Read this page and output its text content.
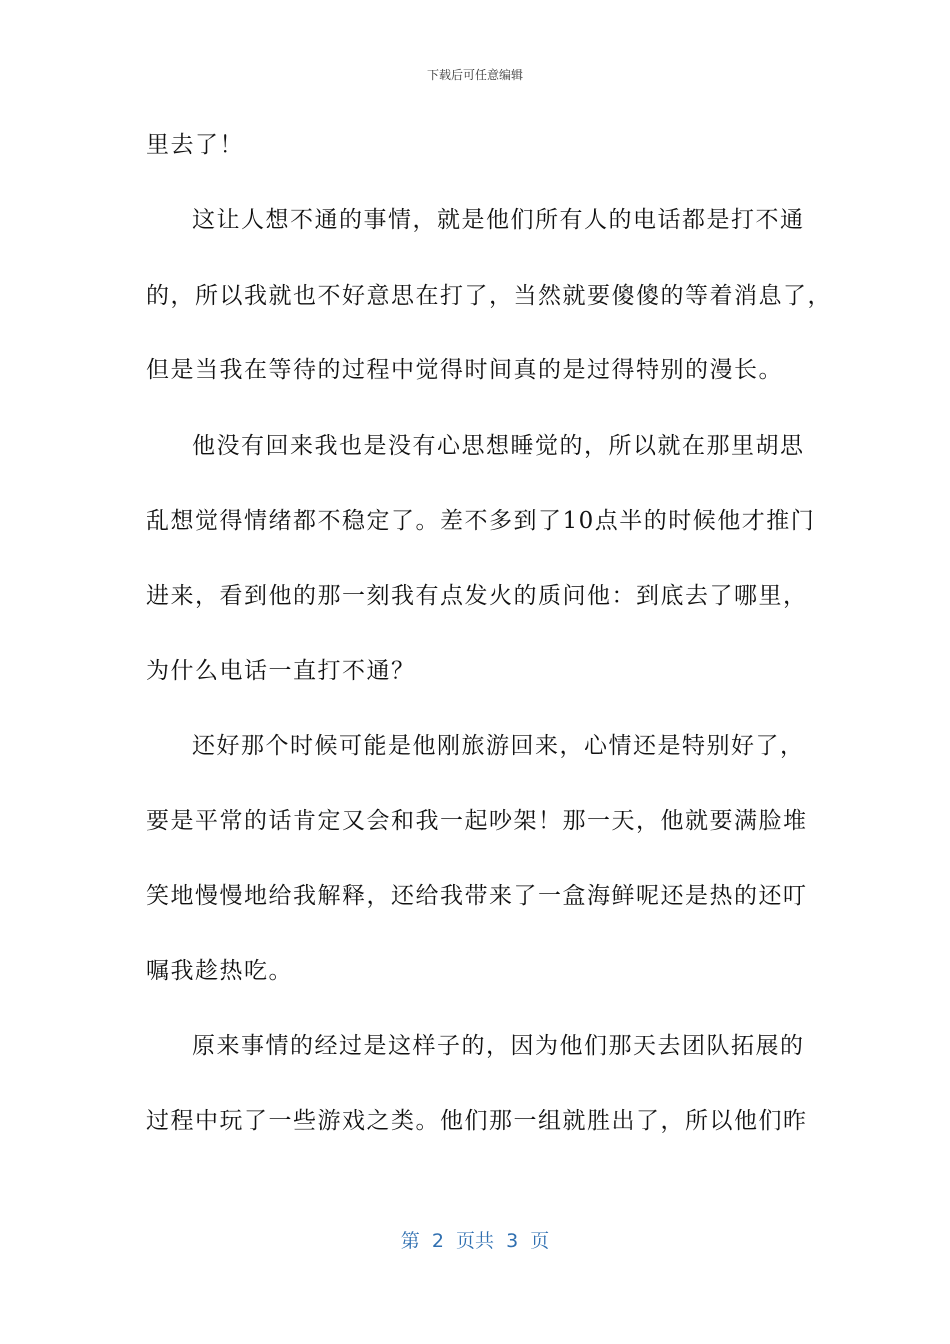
下载后可任意编辑
里去了！
这让人想不通的事情，就是他们所有人的电话都是打不通
的，所以我就也不好意思在打了，当然就要傻傻的等着消息了，
但是当我在等待的过程中觉得时间真的是过得特别的漫长。
他没有回来我也是没有心思想睡觉的，所以就在那里胡思
乱想觉得情绪都不稳定了。差不多到了10点半的时候他才推门
进来，看到他的那一刻我有点发火的质问他：到底去了哪里，
为什么电话一直打不通？
还好那个时候可能是他刚旅游回来，心情还是特别好了，
要是平常的话肯定又会和我一起吵架！那一天，他就要满脸堆
笑地慢慢地给我解释，还给我带来了一盒海鲜呢还是热的还叮
嘱我趁热吃。
原来事情的经过是这样子的，因为他们那天去团队拓展的
过程中玩了一些游戏之类。他们那一组就胜出了，所以他们昨
第  2  页共  3  页
